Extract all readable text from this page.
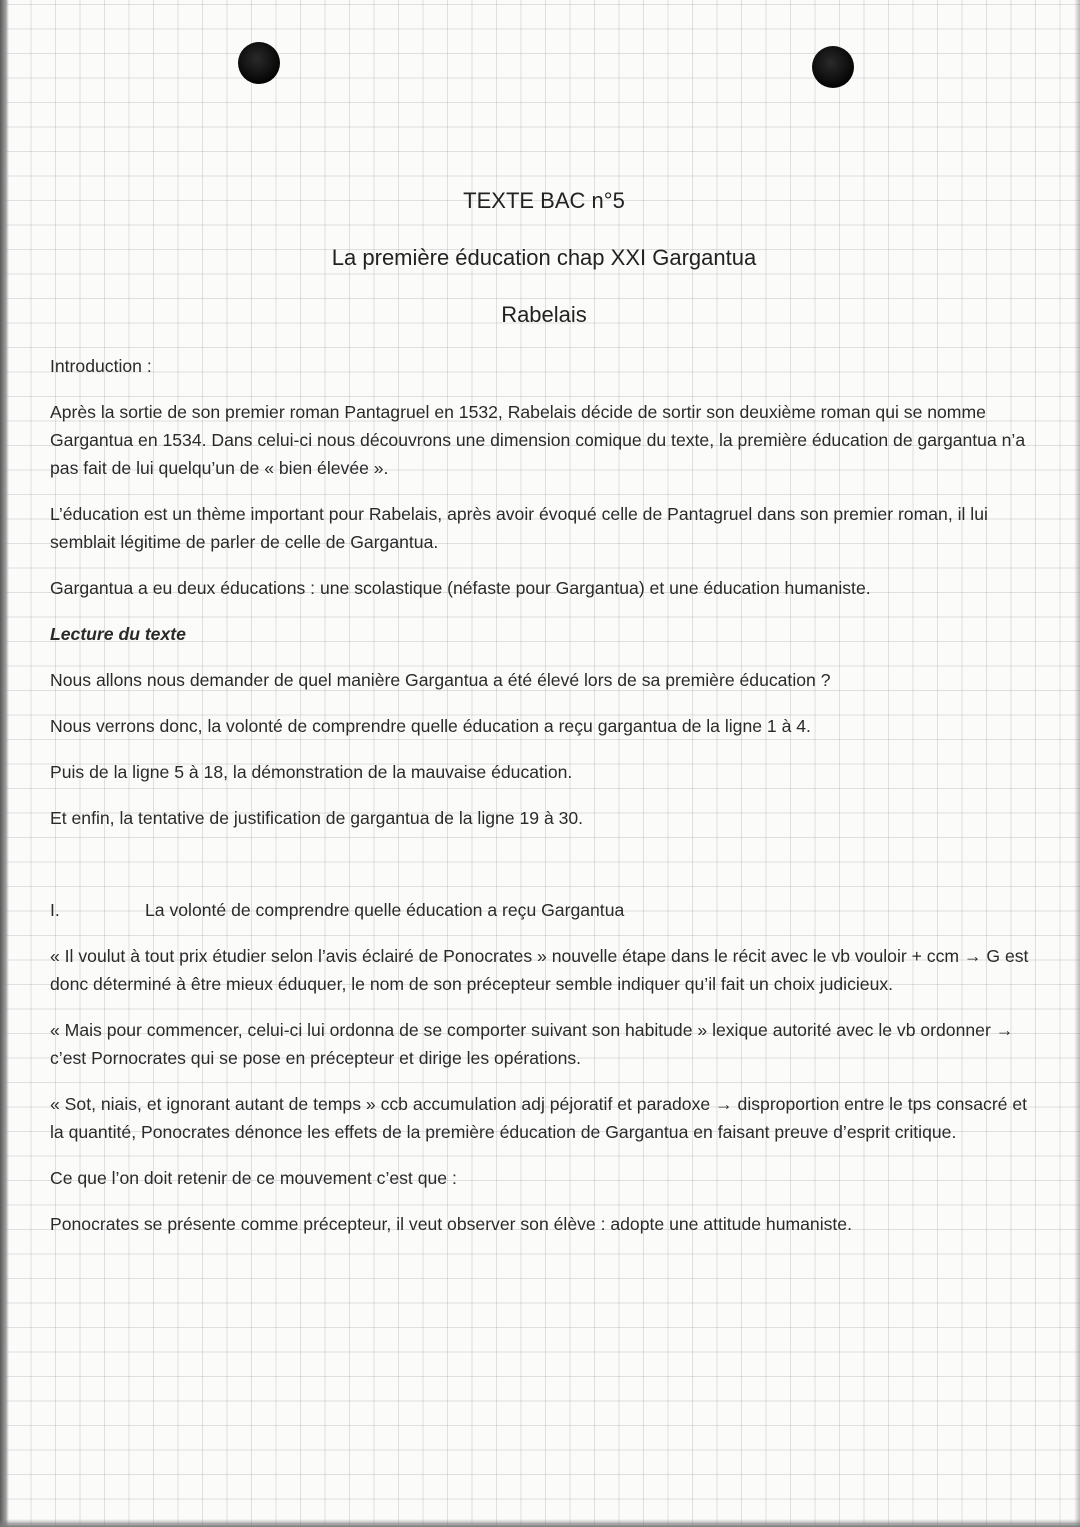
TEXTE BAC n°5
La première éducation chap XXI Gargantua
Rabelais
Introduction :

Après la sortie de son premier roman Pantagruel en 1532, Rabelais décide de sortir son deuxième roman qui se nomme Gargantua en 1534. Dans celui-ci nous découvrons une dimension comique du texte, la première éducation de gargantua n’a pas fait de lui quelqu’un de « bien élevée ».

L’éducation est un thème important pour Rabelais, après avoir évoqué celle de Pantagruel dans son premier roman, il lui semblait légitime de parler de celle de Gargantua.

Gargantua a eu deux éducations : une scolastique (néfaste pour Gargantua) et une éducation humaniste.

Lecture du texte

Nous allons nous demander de quel manière Gargantua a été élevé lors de sa première éducation ?

Nous verrons donc, la volonté de comprendre quelle éducation a reçu gargantua de la ligne 1 à 4.

Puis de la ligne 5 à 18, la démonstration de la mauvaise éducation.

Et enfin, la tentative de justification de gargantua de la ligne 19 à 30.

I.	La volonté de comprendre quelle éducation a reçu Gargantua

« Il voulut à tout prix étudier selon l’avis éclairé de Ponocrates » nouvelle étape dans le récit avec le vb vouloir + ccm → G est donc déterminé à être mieux éduquer, le nom de son précepteur semble indiquer qu’il fait un choix judicieux.

« Mais pour commencer, celui-ci lui ordonna de se comporter suivant son habitude » lexique autorité avec le vb ordonner → c’est Pornocrates qui se pose en précepteur et dirige les opérations.

« Sot, niais, et ignorant autant de temps » ccb accumulation adj péjoratif et paradoxe → disproportion entre le tps consacré et la quantité, Ponocrates dénonce les effets de la première éducation de Gargantua en faisant preuve d’esprit critique.

Ce que l’on doit retenir de ce mouvement c’est que :

Ponocrates se présente comme précepteur, il veut observer son élève : adopte une attitude humaniste.
